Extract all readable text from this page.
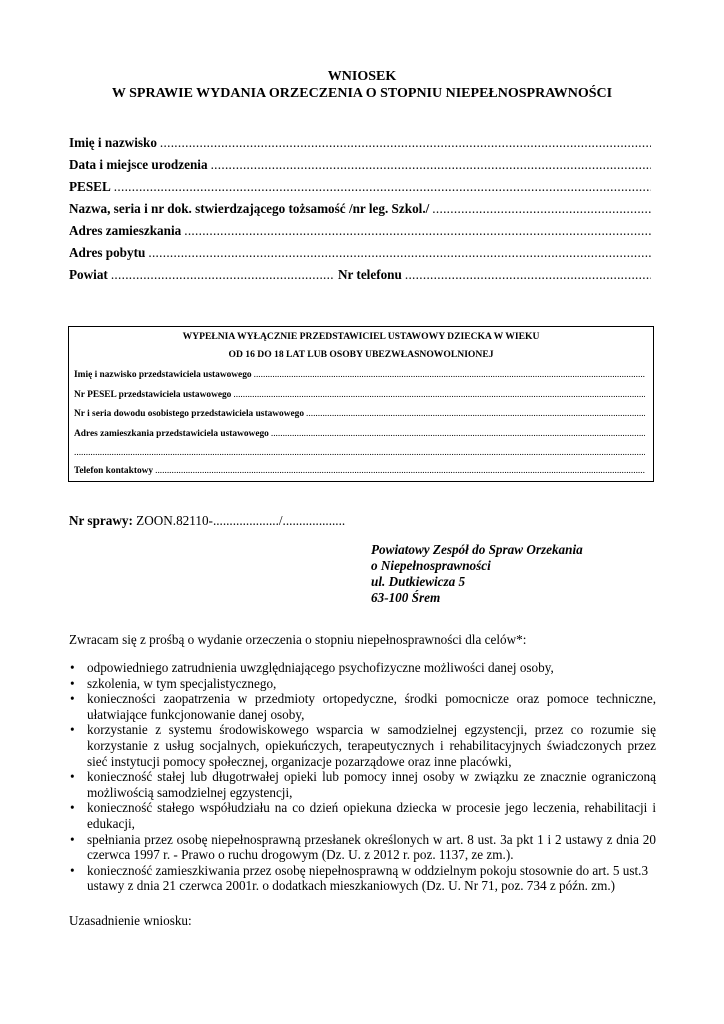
WNIOSEK
W SPRAWIE WYDANIA ORZECZENIA O STOPNIU NIEPEŁNOSPRAWNOŚCI
Imię i nazwisko
.....
Data i miejsce urodzenia
.....
PESEL
.....
Nazwa, seria i nr dok. stwierdzającego tożsamość /nr leg. Szkol./
.....
Adres zamieszkania
.....
Adres pobytu
.....
Powiat
.....	Nr telefonu
.....
WYPEŁNIA WYŁĄCZNIE PRZEDSTAWICIEL USTAWOWY DZIECKA W WIEKU
OD 16 DO 18 LAT LUB OSOBY UBEZWŁASNOWOLNIONEJ
Imię i nazwisko przedstawiciela ustawowego
.....
Nr PESEL przedstawiciela ustawowego
.....
Nr i seria dowodu osobistego przedstawiciela ustawowego
.....
Adres zamieszkania przedstawiciela ustawowego
.....
.....
Telefon kontaktowy
.....
Nr sprawy: ZOON.82110-..................../...................
Powiatowy Zespół do Spraw Orzekania
o Niepełnosprawności
ul. Dutkiewicza 5
63-100 Śrem
Zwracam się z prośbą o wydanie orzeczenia o stopniu niepełnosprawności dla celów*:
• odpowiedniego zatrudnienia uwzględniającego psychofizyczne możliwości danej osoby,
• szkolenia, w tym specjalistycznego,
• konieczności zaopatrzenia w przedmioty ortopedyczne, środki pomocnicze oraz pomoce techniczne, ułatwiające funkcjonowanie danej osoby,
• korzystanie z systemu środowiskowego wsparcia w samodzielnej egzystencji, przez co rozumie się korzystanie z usług socjalnych, opiekuńczych, terapeutycznych i rehabilitacyjnych świadczonych przez sieć instytucji pomocy społecznej, organizacje pozarządowe oraz inne placówki,
• konieczność stałej lub długotrwałej opieki lub pomocy innej osoby w związku ze znacznie ograniczoną możliwością samodzielnej egzystencji,
• konieczność stałego współudziału na co dzień opiekuna dziecka w procesie jego leczenia, rehabilitacji i edukacji,
• spełniania przez osobę niepełnosprawną przesłanek określonych w art. 8 ust. 3a pkt 1 i 2 ustawy z dnia 20 czerwca 1997 r. - Prawo o ruchu drogowym (Dz. U. z 2012 r. poz. 1137, ze zm.).
• konieczność zamieszkiwania przez osobę niepełnosprawną w oddzielnym pokoju stosownie do art. 5 ust.3 ustawy z dnia 21 czerwca 2001r. o dodatkach mieszkaniowych (Dz. U. Nr 71, poz. 734 z późn. zm.)
Uzasadnienie wniosku:
